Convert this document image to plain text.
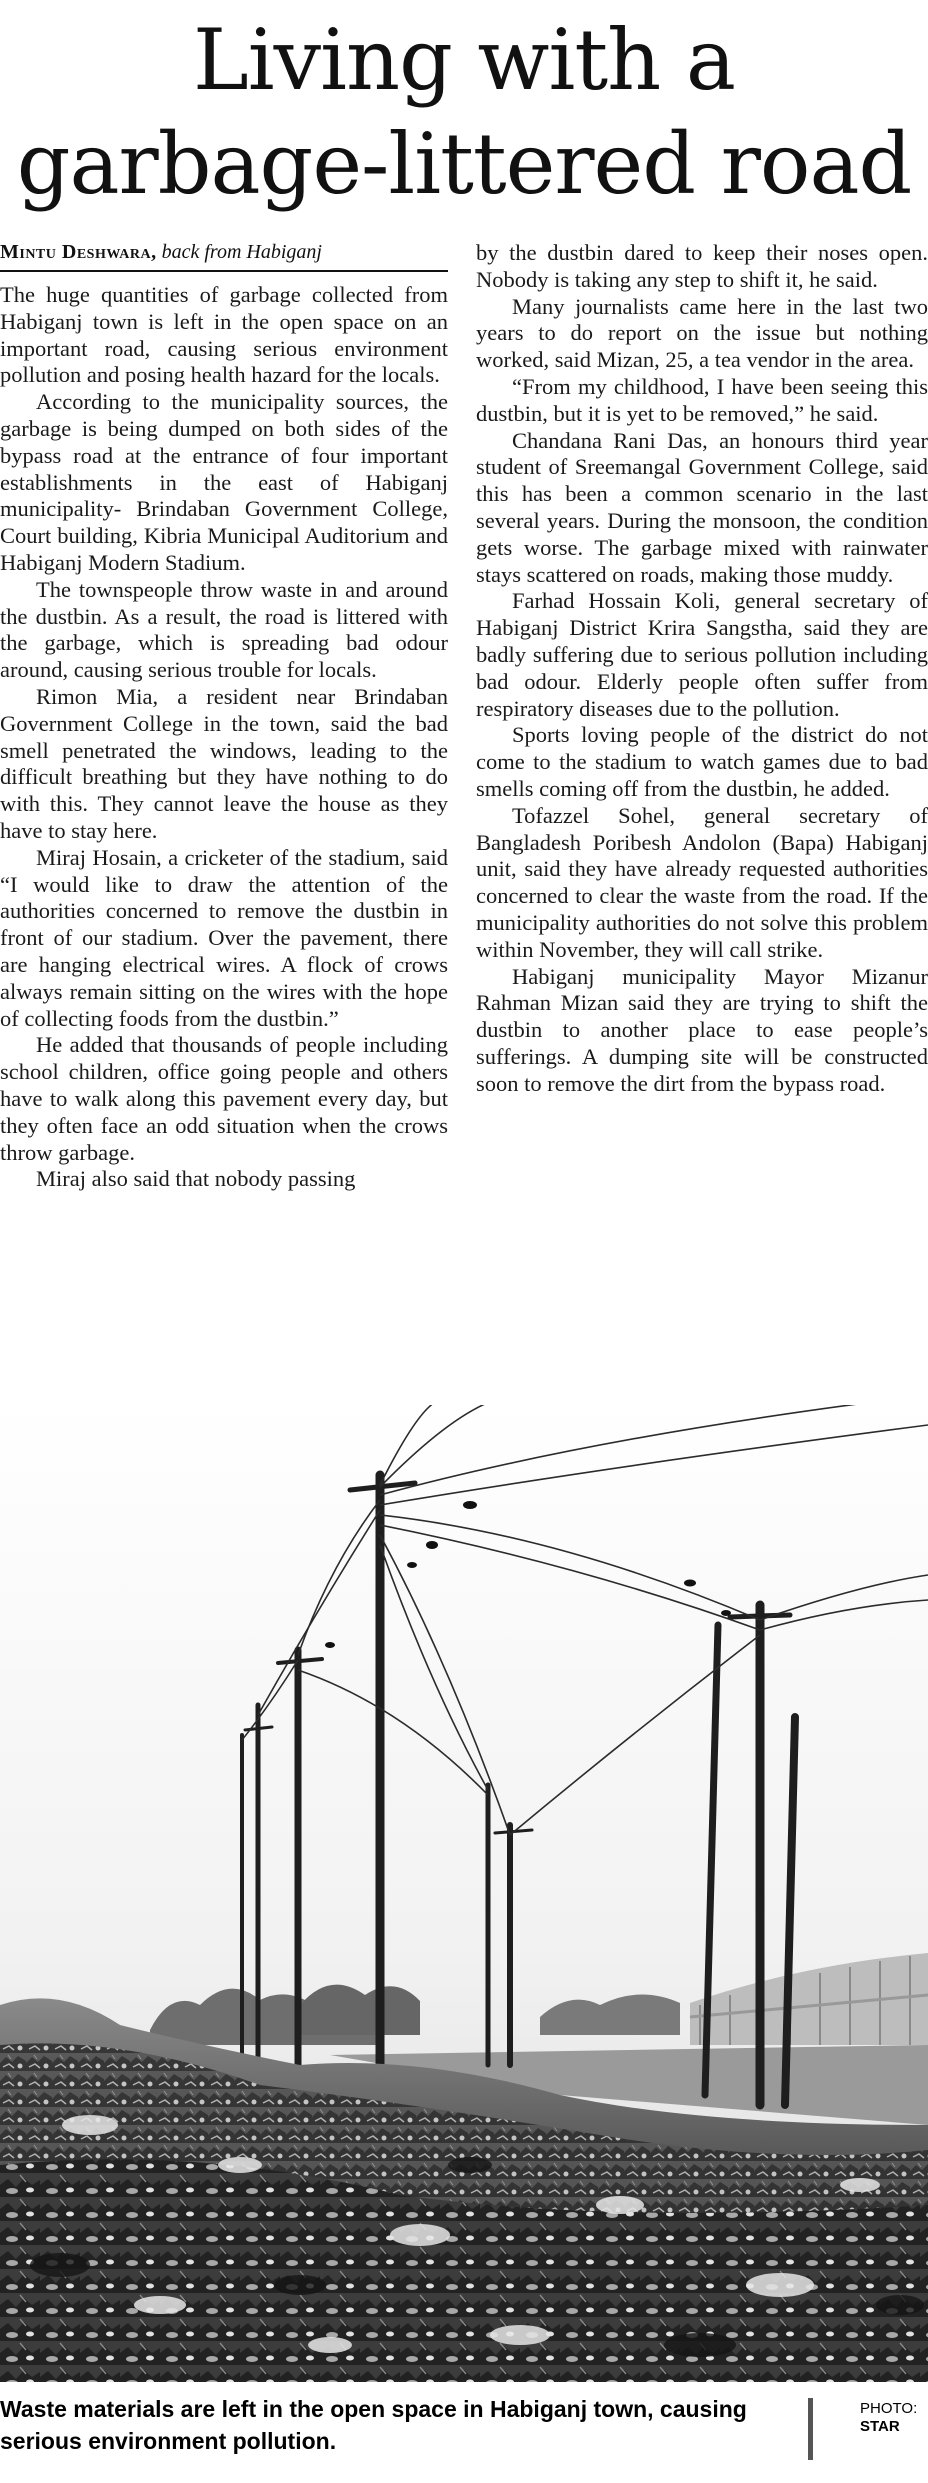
Living with a
garbage-littered road
Mintu Deshwara, back from Habiganj

The huge quantities of garbage collected from Habiganj town is left in the open space on an important road, causing serious environment pollution and posing health hazard for the locals.

According to the municipality sources, the garbage is being dumped on both sides of the bypass road at the entrance of four important establishments in the east of Habiganj municipality- Brindaban Government College, Court building, Kibria Municipal Auditorium and Habiganj Modern Stadium.

The townspeople throw waste in and around the dustbin. As a result, the road is littered with the garbage, which is spreading bad odour around, causing serious trouble for locals.

Rimon Mia, a resident near Brindaban Government College in the town, said the bad smell penetrated the windows, leading to the difficult breathing but they have nothing to do with this. They cannot leave the house as they have to stay here.

Miraj Hosain, a cricketer of the stadium, said “I would like to draw the attention of the authorities concerned to remove the dustbin in front of our stadium. Over the pavement, there are hanging electrical wires. A flock of crows always remain sitting on the wires with the hope of collecting foods from the dustbin.”

He added that thousands of people including school children, office going people and others have to walk along this pavement every day, but they often face an odd situation when the crows throw garbage.

Miraj also said that nobody passing

by the dustbin dared to keep their noses open. Nobody is taking any step to shift it, he said.

Many journalists came here in the last two years to do report on the issue but nothing worked, said Mizan, 25, a tea vendor in the area.

“From my childhood, I have been seeing this dustbin, but it is yet to be removed,” he said.

Chandana Rani Das, an honours third year student of Sreemangal Government College, said this has been a common scenario in the last several years. During the monsoon, the condition gets worse. The garbage mixed with rainwater stays scattered on roads, making those muddy.

Farhad Hossain Koli, general secretary of Habiganj District Krira Sangstha, said they are badly suffering due to serious pollution including bad odour. Elderly people often suffer from respiratory diseases due to the pollution.

Sports loving people of the district do not come to the stadium to watch games due to bad smells coming off from the dustbin, he added.

Tofazzel Sohel, general secretary of Bangladesh Poribesh Andolon (Bapa) Habiganj unit, said they have already requested authorities concerned to clear the waste from the road. If the municipality authorities do not solve this problem within November, they will call strike.

Habiganj municipality Mayor Mizanur Rahman Mizan said they are trying to shift the dustbin to another place to ease people’s sufferings. A dumping site will be constructed soon to remove the dirt from the bypass road.

Waste materials are left in the open space in Habiganj town, causing serious environment pollution.
PHOTO:
STAR
